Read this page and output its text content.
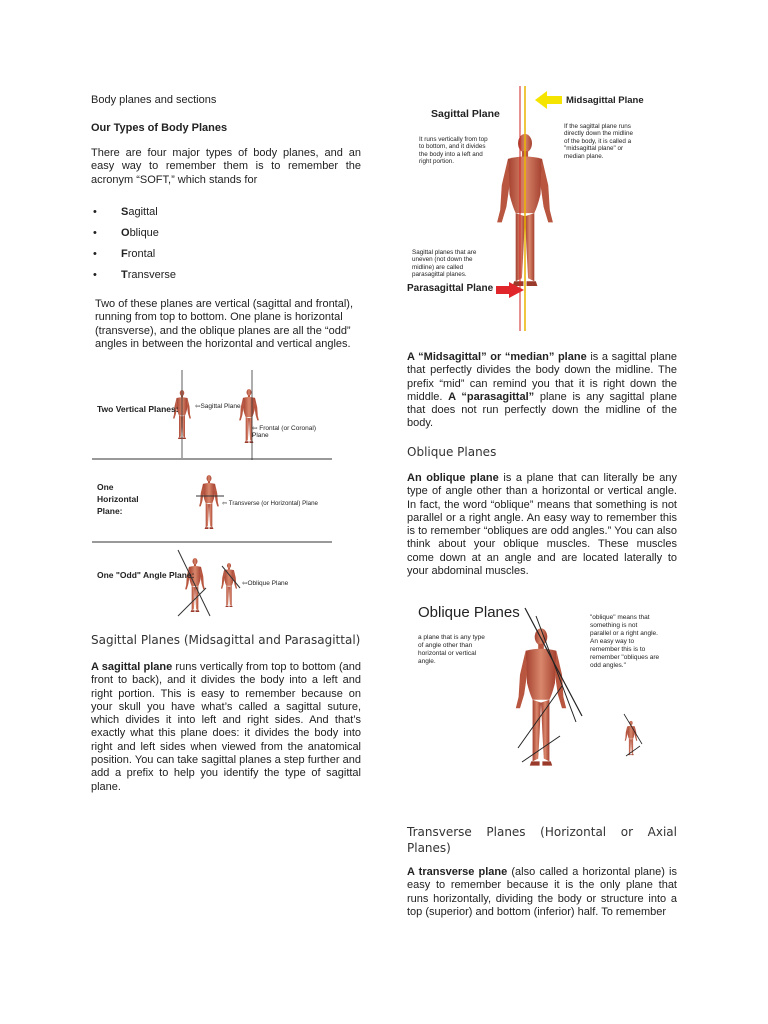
Body planes and sections
Our Types of Body Planes
There are four major types of body planes, and an easy way to remember them is to remember the acronym “SOFT,” which stands for
• Sagittal
• Oblique
• Frontal
• Transverse
Two of these planes are vertical (sagittal and frontal), running from top to bottom. One plane is horizontal (transverse), and the oblique planes are all the “odd” angles in between the horizontal and vertical angles.
Two Vertical Planes:	⇦Sagittal Plane
⇦ Frontal (or Coronal) Plane
One Horizontal Plane:
⇦ Transverse (or Horizontal) Plane
One "Odd" Angle Plane:
⇦Oblique Plane
Sagittal Planes (Midsagittal and Parasagittal)
A sagittal plane runs vertically from top to bottom (and front to back), and it divides the body into a left and right portion. This is easy to remember because on your skull you have what’s called a sagittal suture, which divides it into left and right sides. And that’s exactly what this plane does: it divides the body into right and left sides when viewed from the anatomical position. You can take sagittal planes a step further and add a prefix to help you identify the type of sagittal plane.
Sagittal Plane
It runs vertically from top to bottom, and it divides the body into a left and right portion.
Midsagittal Plane
If the sagittal plane runs directly down the midline of the body, it is called a "midsagittal plane" or median plane.
Sagittal planes that are uneven (not down the midline) are called parasagittal planes.
Parasagittal Plane
A “Midsagittal” or “median” plane is a sagittal plane that perfectly divides the body down the midline. The prefix “mid” can remind you that it is right down the middle. A “parasagittal” plane is any sagittal plane that does not run perfectly down the midline of the body.
Oblique Planes
An oblique plane is a plane that can literally be any type of angle other than a horizontal or vertical angle. In fact, the word “oblique” means that something is not parallel or a right angle. An easy way to remember this is to remember “obliques are odd angles.” You can also think about your oblique muscles. These muscles come down at an angle and are located laterally to your abdominal muscles.
Oblique Planes
a plane that is any type of angle other than horizontal or vertical angle.
"oblique" means that something is not parallel or a right angle. An easy way to remember this is to remember "obliques are odd angles."
Transverse Planes (Horizontal or Axial Planes)
A transverse plane (also called a horizontal plane) is easy to remember because it is the only plane that runs horizontally, dividing the body or structure into a top (superior) and bottom (inferior) half. To remember
